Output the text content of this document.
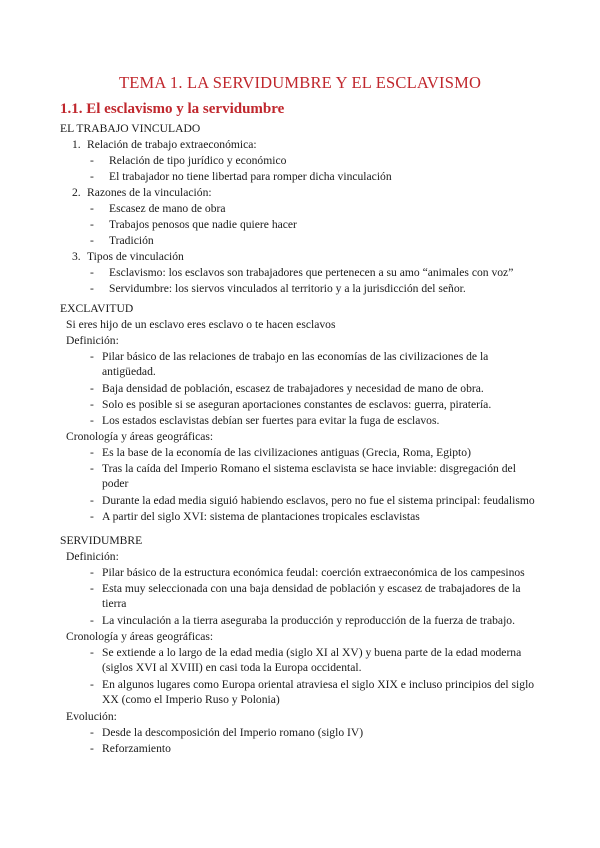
TEMA 1. LA SERVIDUMBRE Y EL ESCLAVISMO
1.1. El esclavismo y la servidumbre
EL TRABAJO VINCULADO
1. Relación de trabajo extraeconómica:
- Relación de tipo jurídico y económico
- El trabajador no tiene libertad para romper dicha vinculación
2. Razones de la vinculación:
- Escasez de mano de obra
- Trabajos penosos que nadie quiere hacer
- Tradición
3. Tipos de vinculación
- Esclavismo: los esclavos son trabajadores que pertenecen a su amo “animales con voz”
- Servidumbre: los siervos vinculados al territorio y a la jurisdicción del señor.
EXCLAVITUD
Si eres hijo de un esclavo eres esclavo o te hacen esclavos
Definición:
- Pilar básico de las relaciones de trabajo en las economías de las civilizaciones de la
antigüedad.
- Baja densidad de población, escasez de trabajadores y necesidad de mano de obra.
- Solo es posible si se aseguran aportaciones constantes de esclavos: guerra, piratería.
- Los estados esclavistas debían ser fuertes para evitar la fuga de esclavos.
Cronología y áreas geográficas:
- Es la base de la economía de las civilizaciones antiguas (Grecia, Roma, Egipto)
- Tras la caída del Imperio Romano el sistema esclavista se hace inviable: disgregación del
poder
- Durante la edad media siguió habiendo esclavos, pero no fue el sistema principal: feudalismo
- A partir del siglo XVI: sistema de plantaciones tropicales esclavistas
SERVIDUMBRE
Definición:
- Pilar básico de la estructura económica feudal: coerción extraeconómica de los campesinos
- Esta muy seleccionada con una baja densidad de población y escasez de trabajadores de la
tierra
- La vinculación a la tierra aseguraba la producción y reproducción de la fuerza de trabajo.
Cronología y áreas geográficas:
- Se extiende a lo largo de la edad media (siglo XI al XV) y buena parte de la edad moderna
(siglos XVI al XVIII) en casi toda la Europa occidental.
- En algunos lugares como Europa oriental atraviesa el siglo XIX e incluso principios del siglo
XX (como el Imperio Ruso y Polonia)
Evolución:
- Desde la descomposición del Imperio romano (siglo IV)
- Reforzamiento
